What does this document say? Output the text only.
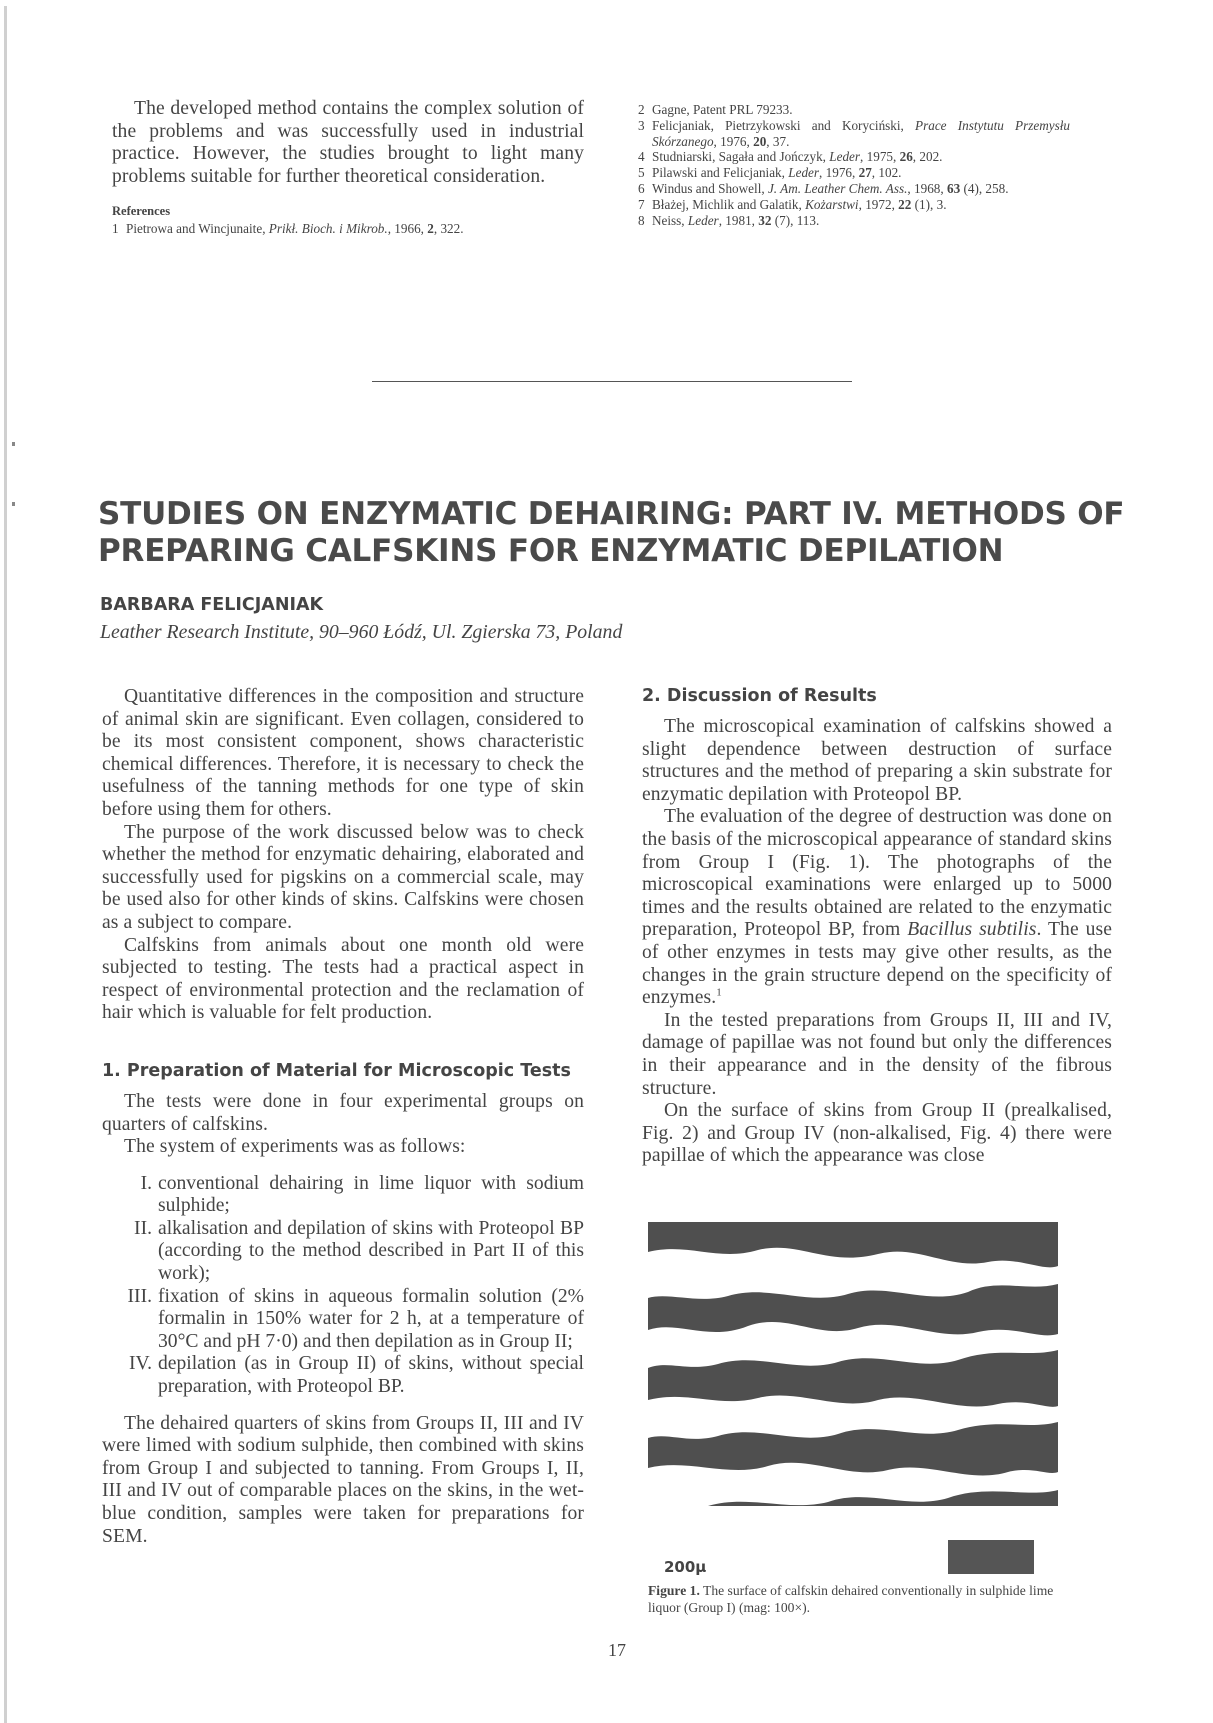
The developed method contains the complex solution of the problems and was successfully used in industrial practice. However, the studies brought to light many problems suitable for further theoretical consideration.

References
1 Pietrowa and Wincjunaite, Prikł. Bioch. i Mikrob., 1966, 2, 322.
2 Gagne, Patent PRL 79233.
3 Felicjaniak, Pietrzykowski and Koryciński, Prace Instytutu Przemysłu Skórzanego, 1976, 20, 37.
4 Studniarski, Sagała and Jończyk, Leder, 1975, 26, 202.
5 Pilawski and Felicjaniak, Leder, 1976, 27, 102.
6 Windus and Showell, J. Am. Leather Chem. Ass., 1968, 63 (4), 258.
7 Błażej, Michlik and Galatik, Kożarstwi, 1972, 22 (1), 3.
8 Neiss, Leder, 1981, 32 (7), 113.
STUDIES ON ENZYMATIC DEHAIRING: PART IV. METHODS OF PREPARING CALFSKINS FOR ENZYMATIC DEPILATION
BARBARA FELICJANIAK
Leather Research Institute, 90–960 Łódź, Ul. Zgierska 73, Poland

Quantitative differences in the composition and structure of animal skin are significant. Even collagen, considered to be its most consistent component, shows characteristic chemical differences. Therefore, it is necessary to check the usefulness of the tanning methods for one type of skin before using them for others.

The purpose of the work discussed below was to check whether the method for enzymatic dehairing, elaborated and successfully used for pigskins on a commercial scale, may be used also for other kinds of skins. Calfskins were chosen as a subject to compare.

Calfskins from animals about one month old were subjected to testing. The tests had a practical aspect in respect of environmental protection and the reclamation of hair which is valuable for felt production.

1. Preparation of Material for Microscopic Tests

The tests were done in four experimental groups on quarters of calfskins.

The system of experiments was as follows:

I. conventional dehairing in lime liquor with sodium sulphide;
II. alkalisation and depilation of skins with Proteopol BP (according to the method described in Part II of this work);
III. fixation of skins in aqueous formalin solution (2% formalin in 150% water for 2 h, at a temperature of 30°C and pH 7·0) and then depilation as in Group II;
IV. depilation (as in Group II) of skins, without special preparation, with Proteopol BP.

The dehaired quarters of skins from Groups II, III and IV were limed with sodium sulphide, then combined with skins from Group I and subjected to tanning. From Groups I, II, III and IV out of comparable places on the skins, in the wet-blue condition, samples were taken for preparations for SEM.

2. Discussion of Results

The microscopical examination of calfskins showed a slight dependence between destruction of surface structures and the method of preparing a skin substrate for enzymatic depilation with Proteopol BP.

The evaluation of the degree of destruction was done on the basis of the microscopical appearance of standard skins from Group I (Fig. 1). The photographs of the microscopical examinations were enlarged up to 5000 times and the results obtained are related to the enzymatic preparation, Proteopol BP, from Bacillus subtilis. The use of other enzymes in tests may give other results, as the changes in the grain structure depend on the specificity of enzymes.$^1$

In the tested preparations from Groups II, III and IV, damage of papillae was not found but only the differences in their appearance and in the density of the fibrous structure.

On the surface of skins from Group II (prealkalised, Fig. 2) and Group IV (non-alkalised, Fig. 4) there were papillae of which the appearance was close

200μ
Figure 1. The surface of calfskin dehaired conventionally in sulphide lime liquor (Group I) (mag: 100×).
17
